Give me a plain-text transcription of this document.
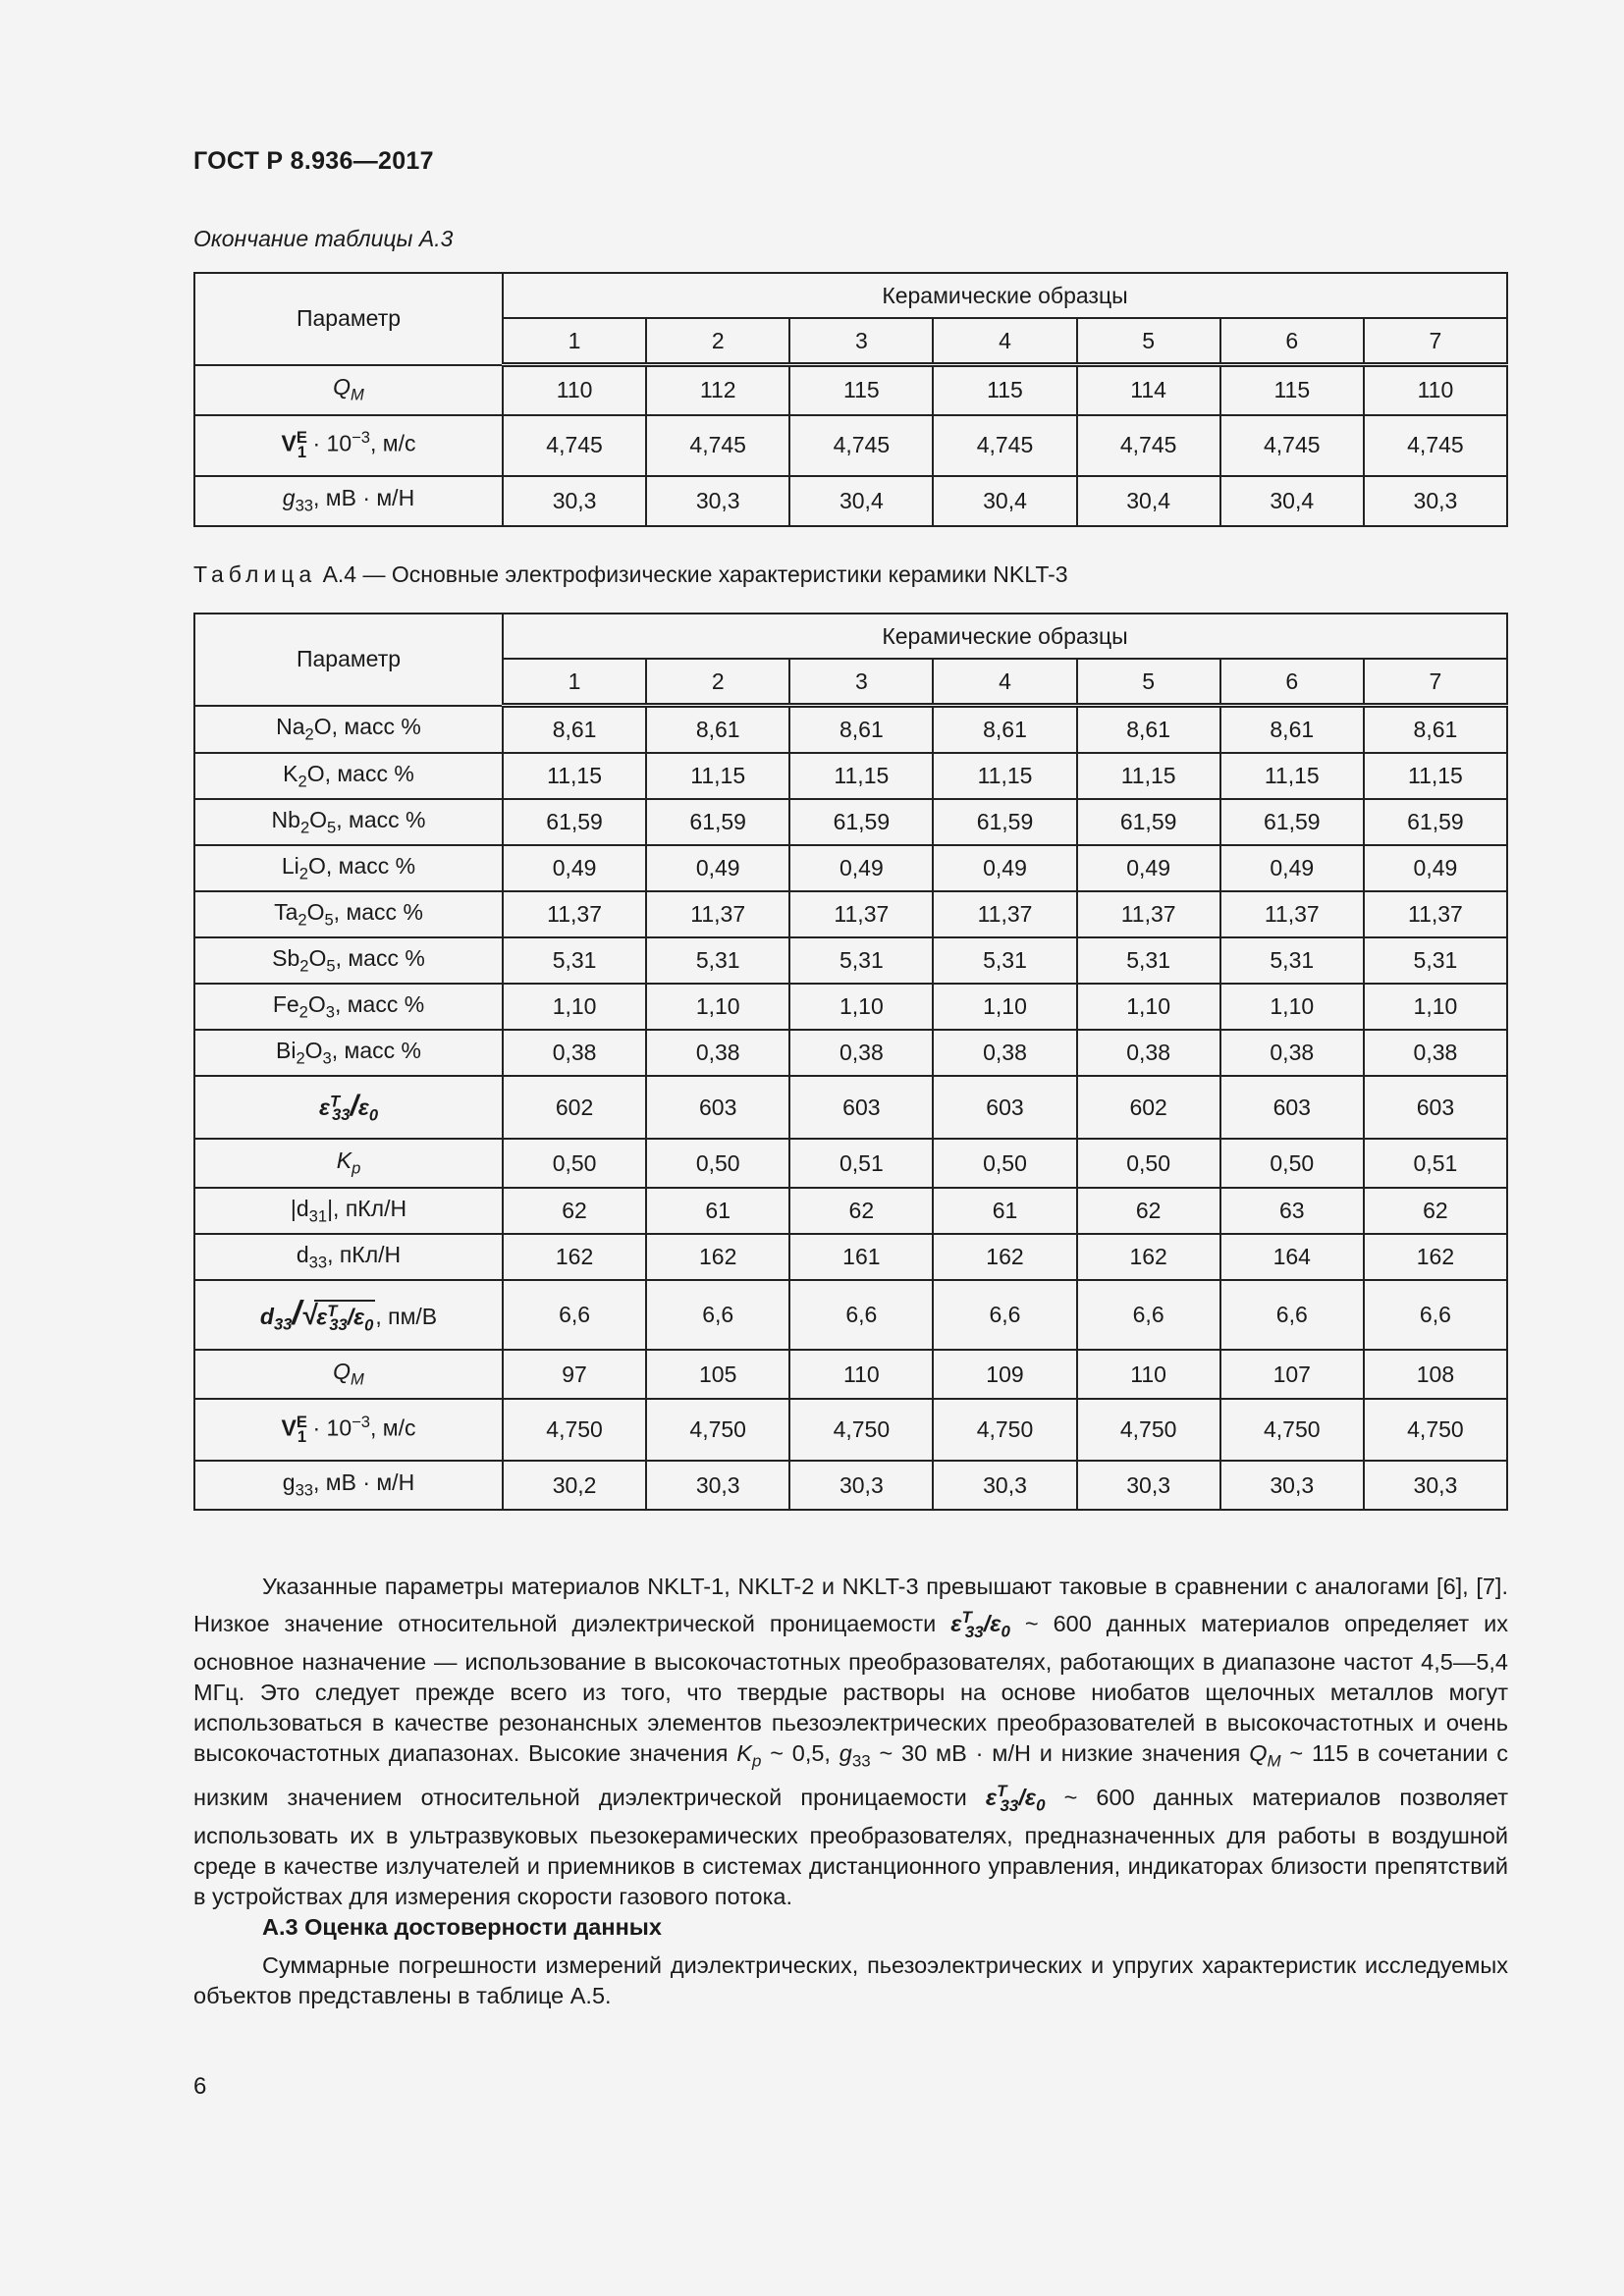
ГОСТ Р 8.936—2017
Окончание таблицы А.3
Параметр	Керамические образцы						
	1	2	3	4	5	6	7
$Q_M$	110	112	115	115	114	115	110
$V^E_1 \cdot 10^{-3}$, м/с	4,745	4,745	4,745	4,745	4,745	4,745	4,745
$g_{33}$, мВ · м/Н	30,3	30,3	30,4	30,4	30,4	30,4	30,3
Таблица А.4 — Основные электрофизические характеристики керамики NKLT-3
Параметр	Керамические образцы						
	1	2	3	4	5	6	7
$Na_2O$, масс %	8,61	8,61	8,61	8,61	8,61	8,61	8,61
$K_2O$, масс %	11,15	11,15	11,15	11,15	11,15	11,15	11,15
$Nb_2O_5$, масс %	61,59	61,59	61,59	61,59	61,59	61,59	61,59
$Li_2O$, масс %	0,49	0,49	0,49	0,49	0,49	0,49	0,49
$Ta_2O_5$, масс %	11,37	11,37	11,37	11,37	11,37	11,37	11,37
$Sb_2O_5$, масс %	5,31	5,31	5,31	5,31	5,31	5,31	5,31
$Fe_2O_3$, масс %	1,10	1,10	1,10	1,10	1,10	1,10	1,10
$Bi_2O_3$, масс %	0,38	0,38	0,38	0,38	0,38	0,38	0,38
$\varepsilon^T_{33}/\varepsilon_0$	602	603	603	603	602	603	603
$K_p$	0,50	0,50	0,51	0,50	0,50	0,50	0,51
$|d_{31}|$, пКл/Н	62	61	62	61	62	63	62
$d_{33}$, пКл/Н	162	162	161	162	162	164	162
$d_{33}/√\varepsilon^T_{33}/\varepsilon_0$, пм/В	6,6	6,6	6,6	6,6	6,6	6,6	6,6
$Q_M$	97	105	110	109	110	107	108
$V^E_1 \cdot 10^{-3}$, м/с	4,750	4,750	4,750	4,750	4,750	4,750	4,750
$g_{33}$, мВ · м/Н	30,2	30,3	30,3	30,3	30,3	30,3	30,3
Указанные параметры материалов NKLT-1, NKLT-2 и NKLT-3 превышают таковые в сравнении с аналогами [6], [7]. Низкое значение относительной диэлектрической проницаемости $\varepsilon^T_{33}/\varepsilon_0$ ~ 600 данных материалов определяет их основное назначение — использование в высокочастотных преобразователях, работающих в диапазоне частот 4,5—5,4 МГц. Это следует прежде всего из того, что твердые растворы на основе ниобатов щелочных металлов могут использоваться в качестве резонансных элементов пьезоэлектрических преобразователей в высокочастотных и очень высокочастотных диапазонах. Высокие значения $K_p$ ~ 0,5, $g_{33}$ ~ 30 мВ · м/Н и низкие значения $Q_M$ ~ 115 в сочетании с низким значением относительной диэлектрической проницаемости $\varepsilon^T_{33}/\varepsilon_0$ ~ 600 данных материалов позволяет использовать их в ультразвуковых пьезокерамических преобразователях, предназначенных для работы в воздушной среде в качестве излучателей и приемников в системах дистанционного управления, индикаторах близости препятствий в устройствах для измерения скорости газового потока.
А.3 Оценка достоверности данных
Суммарные погрешности измерений диэлектрических, пьезоэлектрических и упругих характеристик исследуемых объектов представлены в таблице А.5.
6
